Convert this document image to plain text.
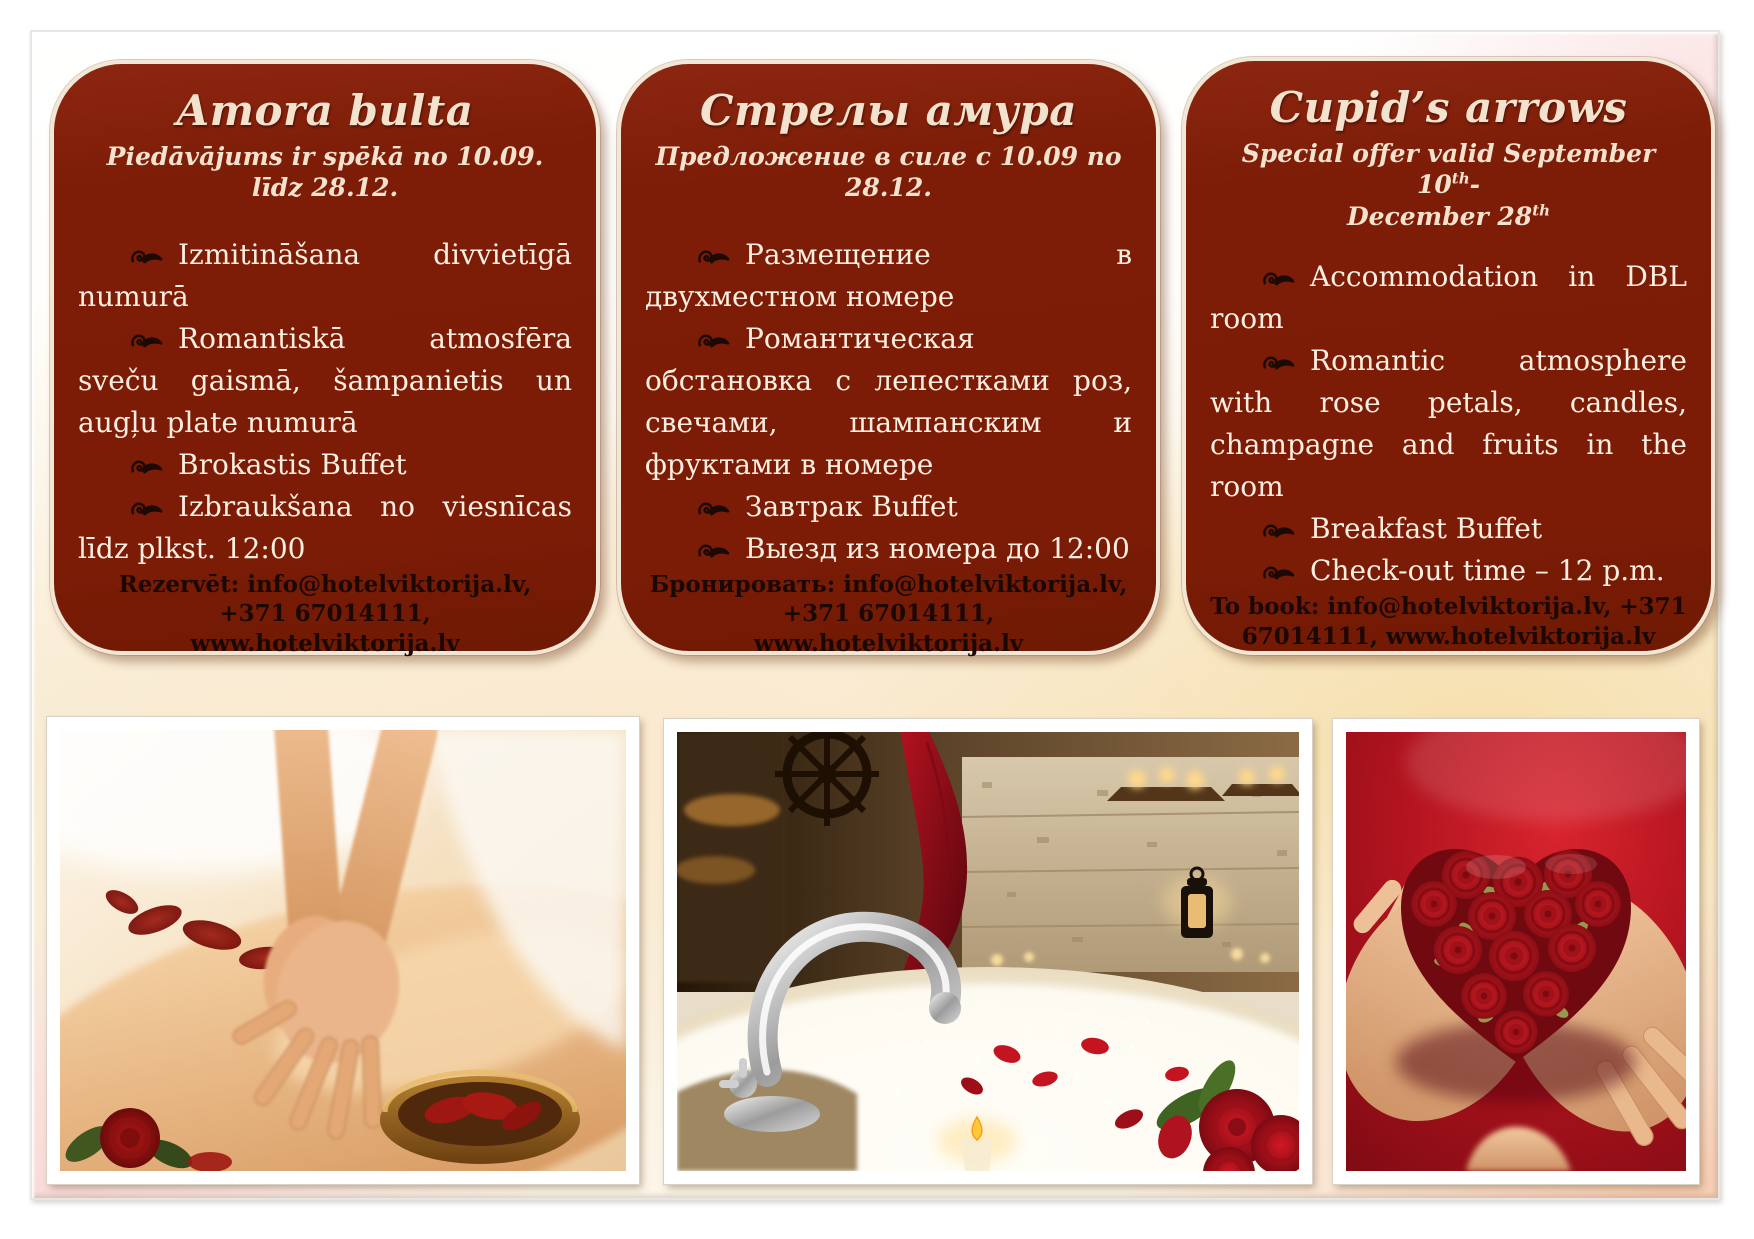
Amora bulta

Piedāvājums ir spēkā no 10.09. līdz 28.12.

Izmitināšana divvietīgā numurā

Romantiskā atmosfēra sveču gaismā, šampanietis un augļu plate numurā

Brokastis Buffet

Izbraukšana no viesnīcas līdz plkst. 12:00

Rezervēt: info@hotelviktorija.lv, +371 67014111, www.hotelviktorija.lv

Стрелы амура

Предложение в силе с 10.09 по 28.12.

Размещение в двухместном номере

Романтическая обстановка с лепестками роз, свечами, шампанским и фруктами в номере

Завтрак Buffet

Выезд из номера до 12:00

Бронировать: info@hotelviktorija.lv, +371 67014111, www.hotelviktorija.lv

Cupid’s arrows

Special offer valid September 10th-
December 28th

Accommodation in DBL room

Romantic atmosphere with rose petals, candles, champagne and fruits in the room

Breakfast Buffet

Check-out time – 12 p.m.

To book: info@hotelviktorija.lv, +371 67014111, www.hotelviktorija.lv
